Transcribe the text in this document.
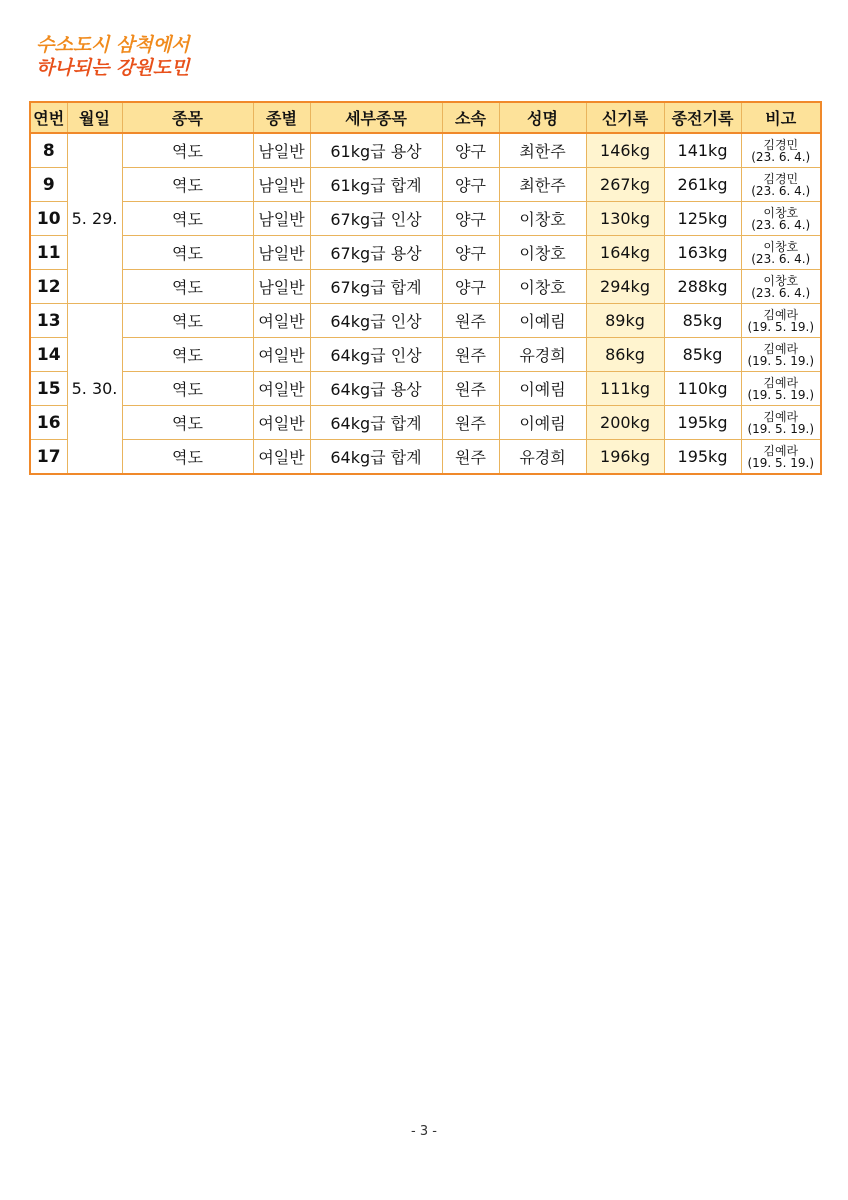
수소도시 삼척에서
하나되는 강원도민
연번	월일	종목	종별	세부종목	소속	성명	신기록	종전기록	비고
8	5. 29.	역도	남일반	61kg급 용상	양구	최한주	146kg	141kg	김경민
(23. 6. 4.)

9		역도	남일반	61kg급 합계	양구	최한주	267kg	261kg	김경민
(23. 6. 4.)

10		역도	남일반	67kg급 인상	양구	이창호	130kg	125kg	이창호
(23. 6. 4.)

11		역도	남일반	67kg급 용상	양구	이창호	164kg	163kg	이창호
(23. 6. 4.)

12		역도	남일반	67kg급 합계	양구	이창호	294kg	288kg	이창호
(23. 6. 4.)

13	5. 30.	역도	여일반	64kg급 인상	원주	이예림	89kg	85kg	김예라
(19. 5. 19.)

14		역도	여일반	64kg급 인상	원주	유경희	86kg	85kg	김예라
(19. 5. 19.)

15		역도	여일반	64kg급 용상	원주	이예림	111kg	110kg	김예라
(19. 5. 19.)

16		역도	여일반	64kg급 합계	원주	이예림	200kg	195kg	김예라
(19. 5. 19.)

17		역도	여일반	64kg급 합계	원주	유경희	196kg	195kg	김예라
(19. 5. 19.)
- 3 -
